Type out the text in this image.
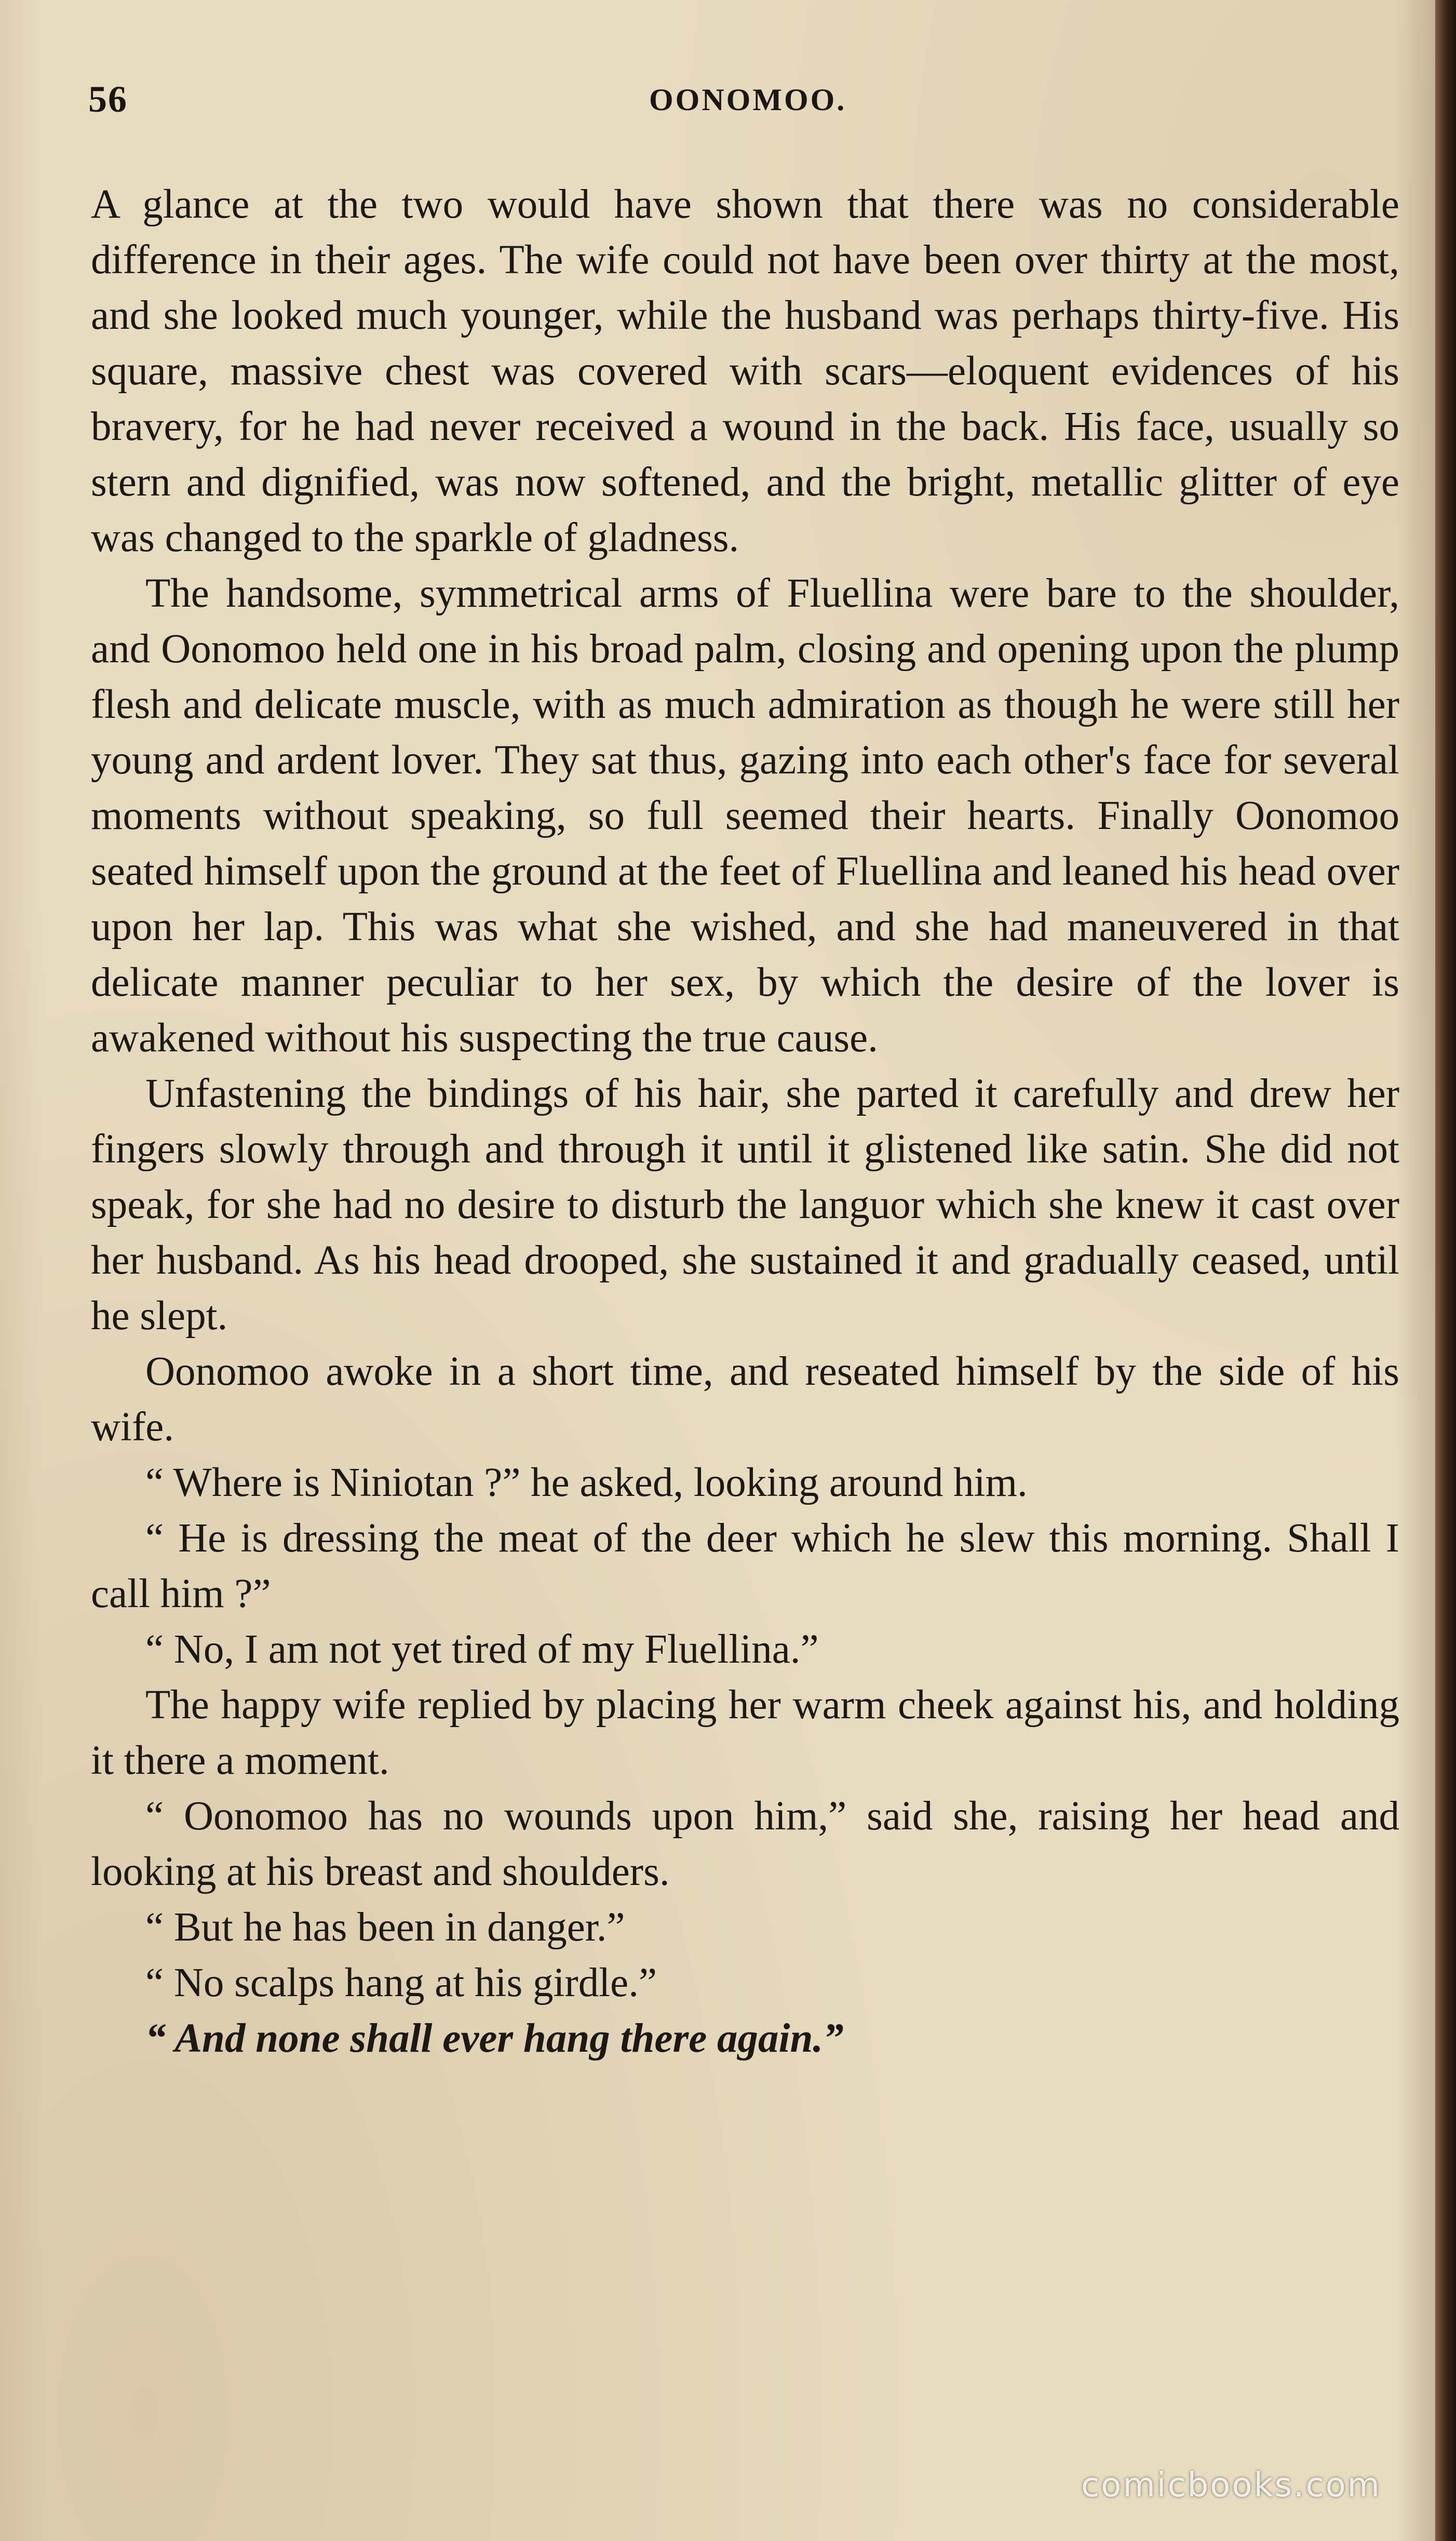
56	OONOMOO.

A glance at the two would have shown that there was no considerable difference in their ages. The wife could not have been over thirty at the most, and she looked much younger, while the husband was perhaps thirty-five. His square, massive chest was covered with scars—eloquent evidences of his bravery, for he had never received a wound in the back. His face, usually so stern and dignified, was now softened, and the bright, metallic glitter of eye was changed to the sparkle of gladness.

The handsome, symmetrical arms of Fluellina were bare to the shoulder, and Oonomoo held one in his broad palm, closing and opening upon the plump flesh and delicate muscle, with as much admiration as though he were still her young and ardent lover. They sat thus, gazing into each other's face for several moments without speaking, so full seemed their hearts. Finally Oonomoo seated himself upon the ground at the feet of Fluellina and leaned his head over upon her lap. This was what she wished, and she had maneuvered in that delicate manner peculiar to her sex, by which the desire of the lover is awakened without his suspecting the true cause.

Unfastening the bindings of his hair, she parted it carefully and drew her fingers slowly through and through it until it glistened like satin. She did not speak, for she had no desire to disturb the languor which she knew it cast over her husband. As his head drooped, she sustained it and gradually ceased, until he slept.

Oonomoo awoke in a short time, and reseated himself by the side of his wife.

“ Where is Niniotan ?” he asked, looking around him.

“ He is dressing the meat of the deer which he slew this morning. Shall I call him ?”

“ No, I am not yet tired of my Fluellina.”

The happy wife replied by placing her warm cheek against his, and holding it there a moment.

“ Oonomoo has no wounds upon him,” said she, raising her head and looking at his breast and shoulders.

“ But he has been in danger.”

“ No scalps hang at his girdle.”

“ And none shall ever hang there again.”

comicbooks.com
